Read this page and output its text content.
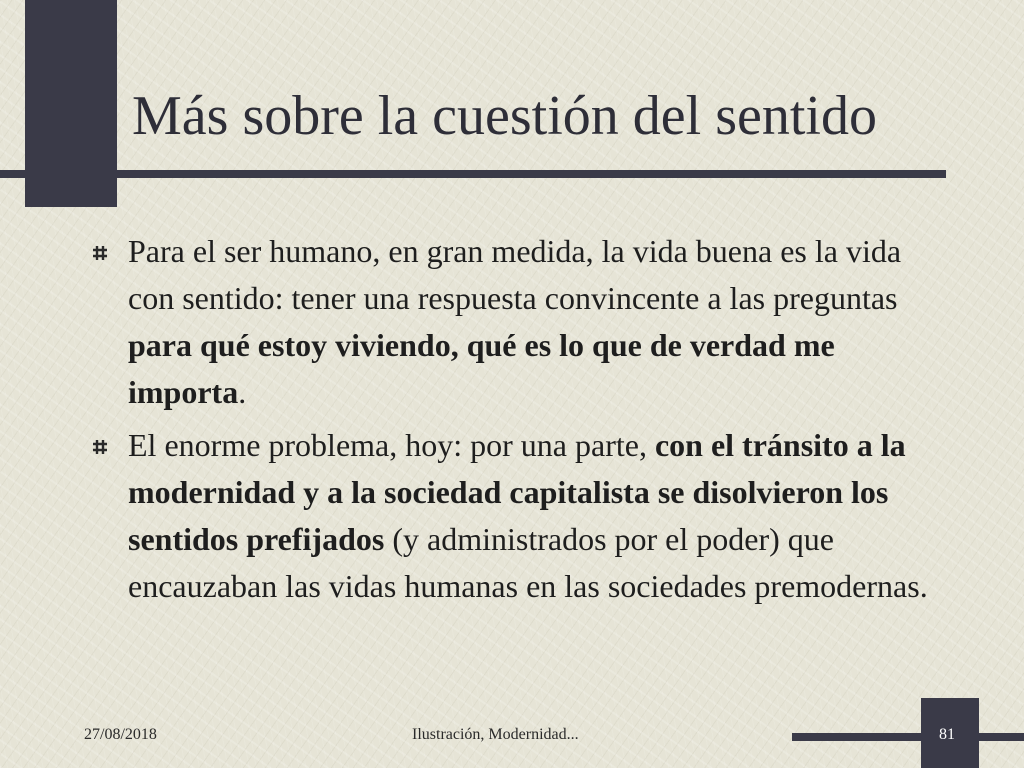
Más sobre la cuestión del sentido

Para el ser humano, en gran medida, la vida buena es la vida con sentido: tener una respuesta convincente a las preguntas para qué estoy viviendo, qué es lo que de verdad me importa.

El enorme problema, hoy: por una parte, con el tránsito a la modernidad y a la sociedad capitalista se disolvieron los sentidos prefijados (y administrados por el poder) que encauzaban las vidas humanas en las sociedades premodernas.

27/08/2018	Ilustración, Modernidad...	81
